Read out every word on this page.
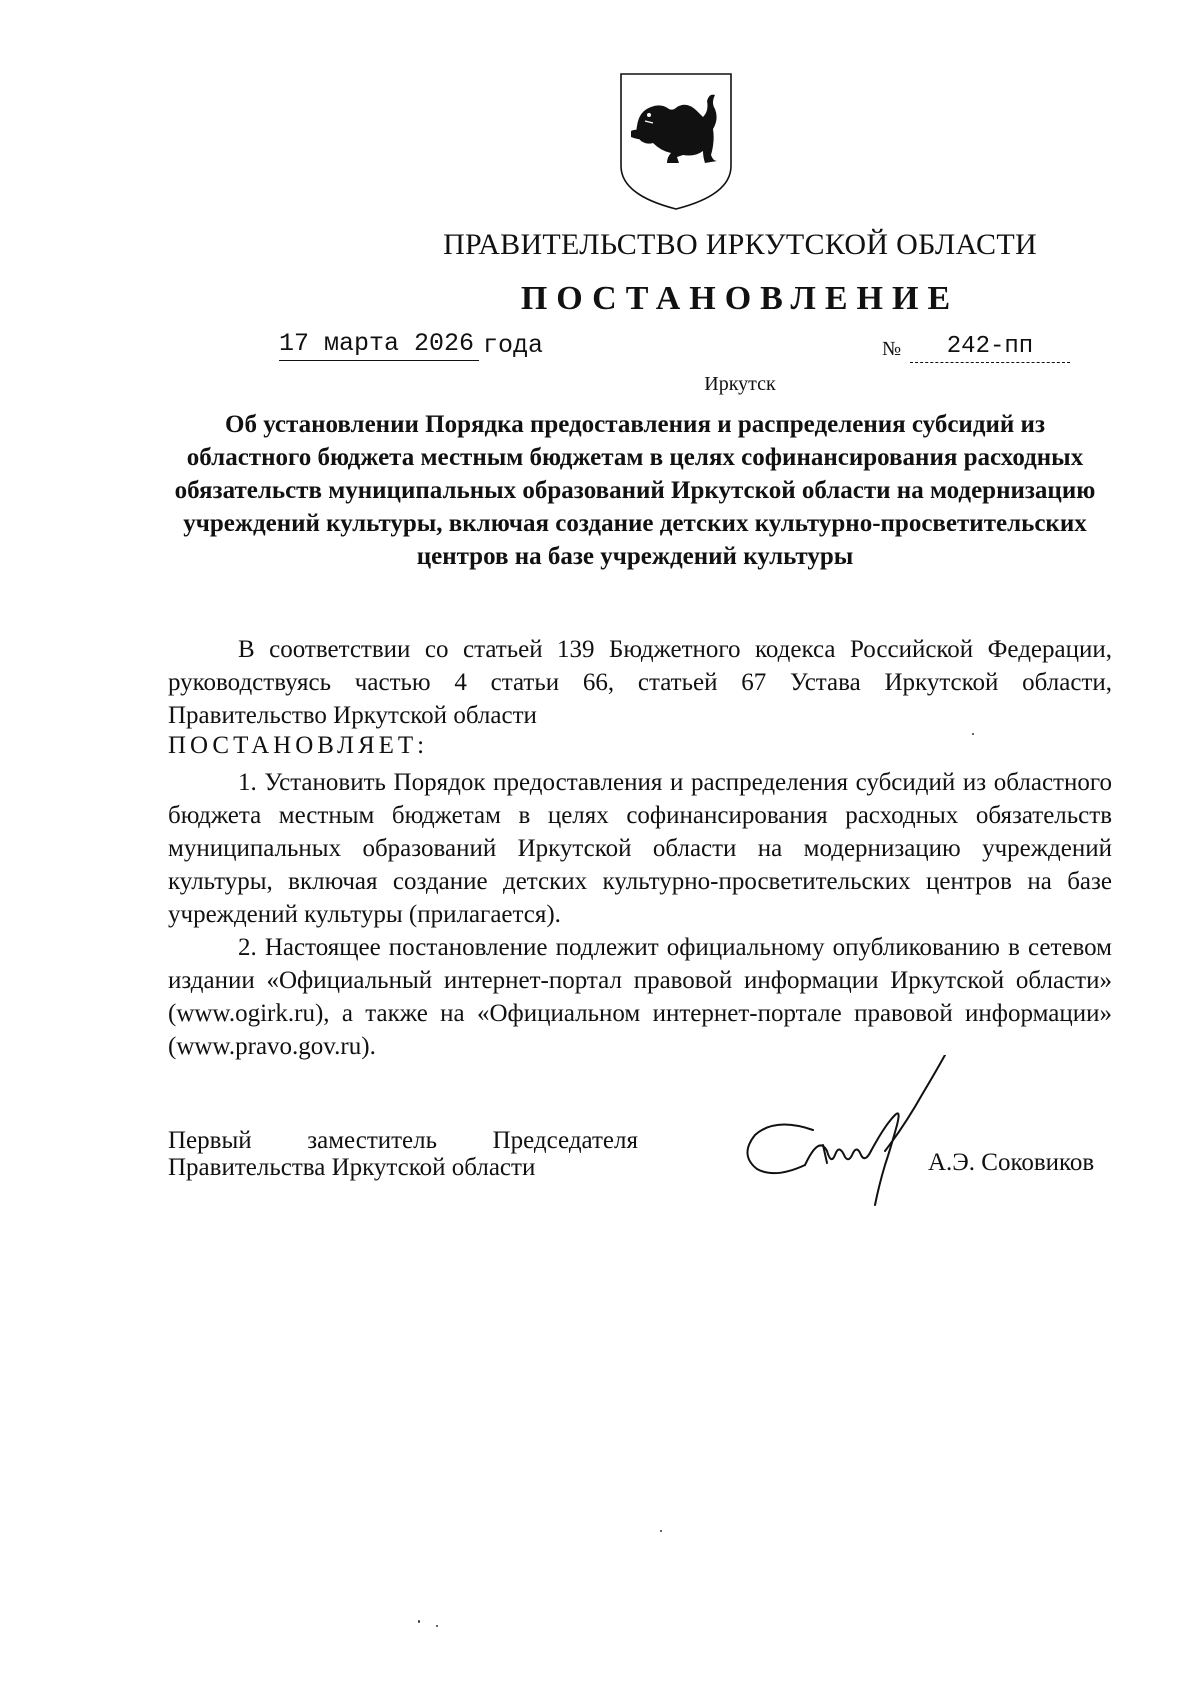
ПРАВИТЕЛЬСТВО ИРКУТСКОЙ ОБЛАСТИ
ПОСТАНОВЛЕНИЕ
17 марта 2026 года	№	242-пп
Иркутск
Об установлении Порядка предоставления и распределения субсидий из областного бюджета местным бюджетам в целях софинансирования расходных обязательств муниципальных образований Иркутской области на модернизацию учреждений культуры, включая создание детских культурно-просветительских центров на базе учреждений культуры
В соответствии со статьей 139 Бюджетного кодекса Российской Федерации, руководствуясь частью 4 статьи 66, статьей 67 Устава Иркутской области, Правительство Иркутской области
ПОСТАНОВЛЯЕТ:
1. Установить Порядок предоставления и распределения субсидий из областного бюджета местным бюджетам в целях софинансирования расходных обязательств муниципальных образований Иркутской области на модернизацию учреждений культуры, включая создание детских культурно-просветительских центров на базе учреждений культуры (прилагается).
2. Настоящее постановление подлежит официальному опубликованию в сетевом издании «Официальный интернет-портал правовой информации Иркутской области» (www.ogirk.ru), а также на «Официальном интернет-портале правовой информации» (www.pravo.gov.ru).
Первый заместитель Председателя
Правительства Иркутской области	А.Э. Соковиков
